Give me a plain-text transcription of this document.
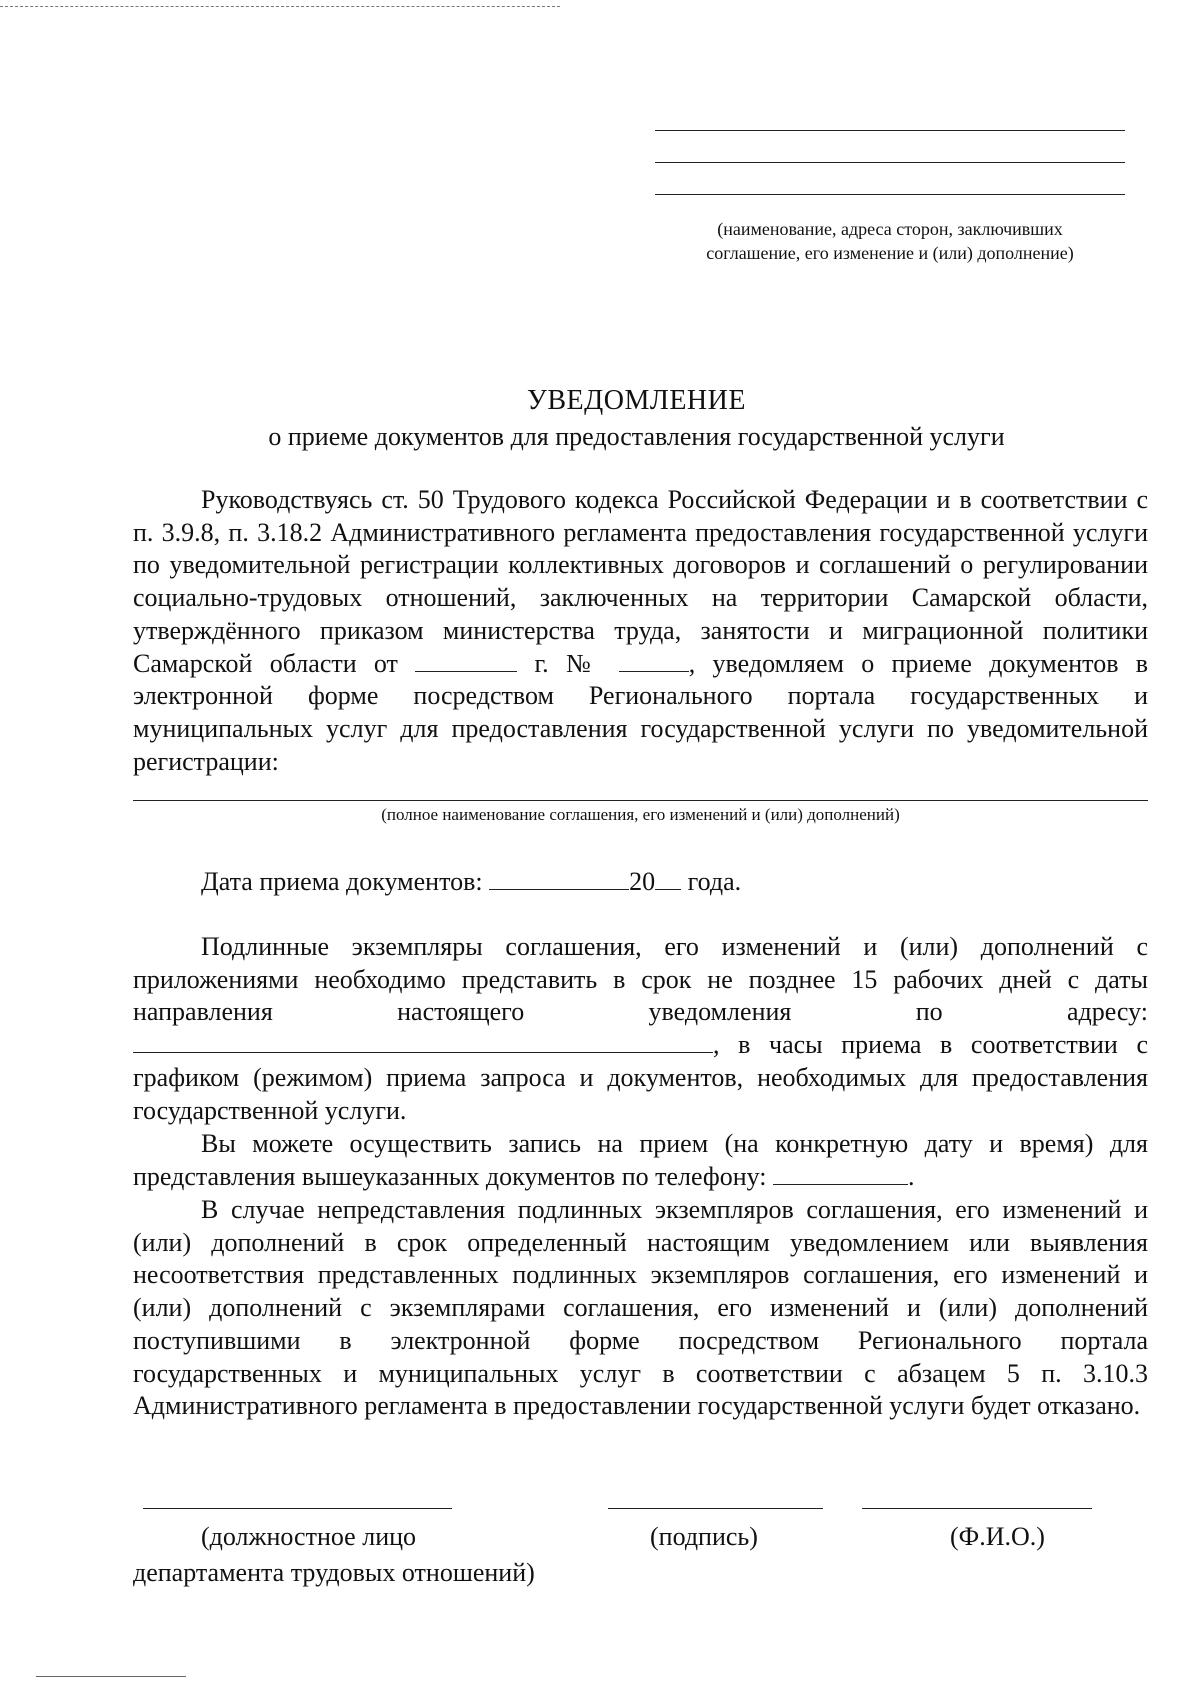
(наименование, адреса сторон, заключивших
соглашение, его изменение и (или) дополнение)
УВЕДОМЛЕНИЕ
о приеме документов для предоставления государственной услуги
Руководствуясь ст. 50 Трудового кодекса Российской Федерации и в соответствии с п. 3.9.8, п. 3.18.2 Административного регламента предоставления государственной услуги по уведомительной регистрации коллективных договоров и соглашений о регулировании социально-трудовых отношений, заключенных на территории Самарской области, утверждённого приказом министерства труда, занятости и миграционной политики Самарской области от	г. №	, уведомляем о приеме документов в электронной форме посредством Регионального портала государственных и муниципальных услуг для предоставления государственной услуги по уведомительной регистрации:
(полное наименование соглашения, его изменений и (или) дополнений)
Дата приема документов:	20 года.
Подлинные экземпляры соглашения, его изменений и (или) дополнений с приложениями необходимо представить в срок не позднее 15 рабочих дней с даты направления настоящего уведомления по адресу: , в часы приема в соответствии с графиком (режимом) приема запроса и документов, необходимых для предоставления государственной услуги.
Вы можете осуществить запись на прием (на конкретную дату и время) для представления вышеуказанных документов по телефону:	.
В случае непредставления подлинных экземпляров соглашения, его изменений и (или) дополнений в срок определенный настоящим уведомлением или выявления несоответствия представленных подлинных экземпляров соглашения, его изменений и (или) дополнений с экземплярами соглашения, его изменений и (или) дополнений поступившими в электронной форме посредством Регионального портала государственных и муниципальных услуг в соответствии с абзацем 5 п. 3.10.3 Административного регламента в предоставлении государственной услуги будет отказано.
(должностное лицо
департамента трудовых отношений)
(подпись)	(Ф.И.О.)
